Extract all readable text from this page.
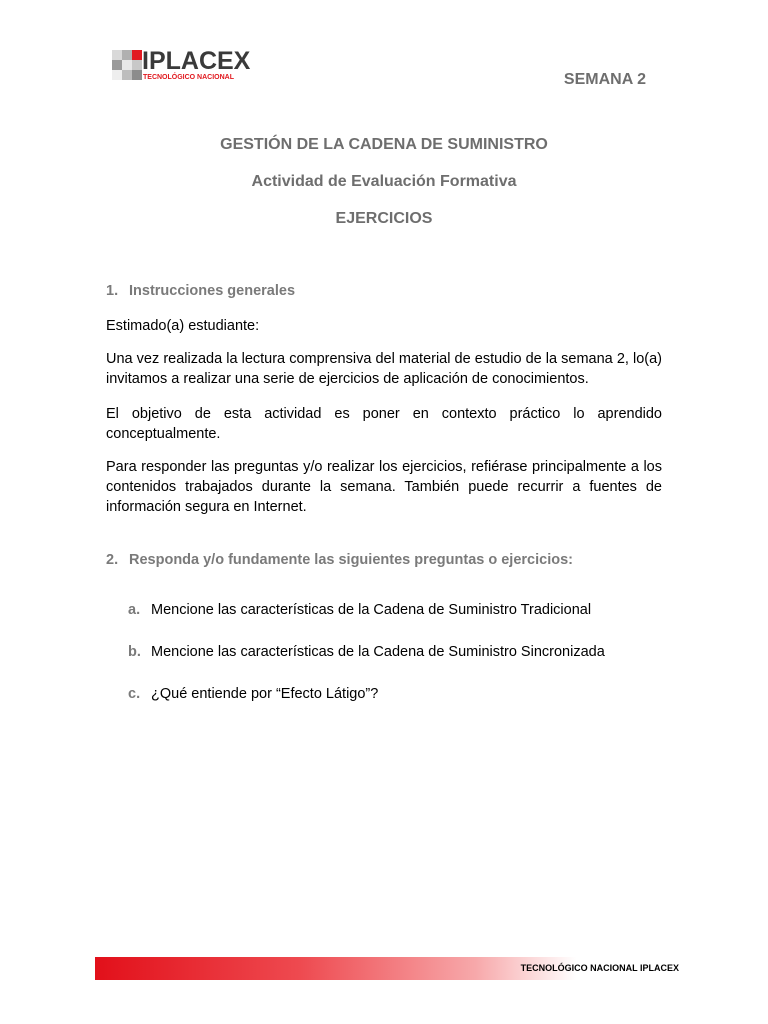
IPLACEX
TECNOLÓGICO NACIONAL	SEMANA 2
GESTIÓN DE LA CADENA DE SUMINISTRO
Actividad de Evaluación Formativa
EJERCICIOS
1. Instrucciones generales

Estimado(a) estudiante:

Una vez realizada la lectura comprensiva del material de estudio de la semana 2, lo(a) invitamos a realizar una serie de ejercicios de aplicación de conocimientos.

El objetivo de esta actividad es poner en contexto práctico lo aprendido conceptualmente.

Para responder las preguntas y/o realizar los ejercicios, refiérase principalmente a los contenidos trabajados durante la semana. También puede recurrir a fuentes de información segura en Internet.

2. Responda y/o fundamente las siguientes preguntas o ejercicios:
a. Mencione las características de la Cadena de Suministro Tradicional
b. Mencione las características de la Cadena de Suministro Sincronizada
c. ¿Qué entiende por “Efecto Látigo”?
TECNOLÓGICO NACIONAL IPLACEX
